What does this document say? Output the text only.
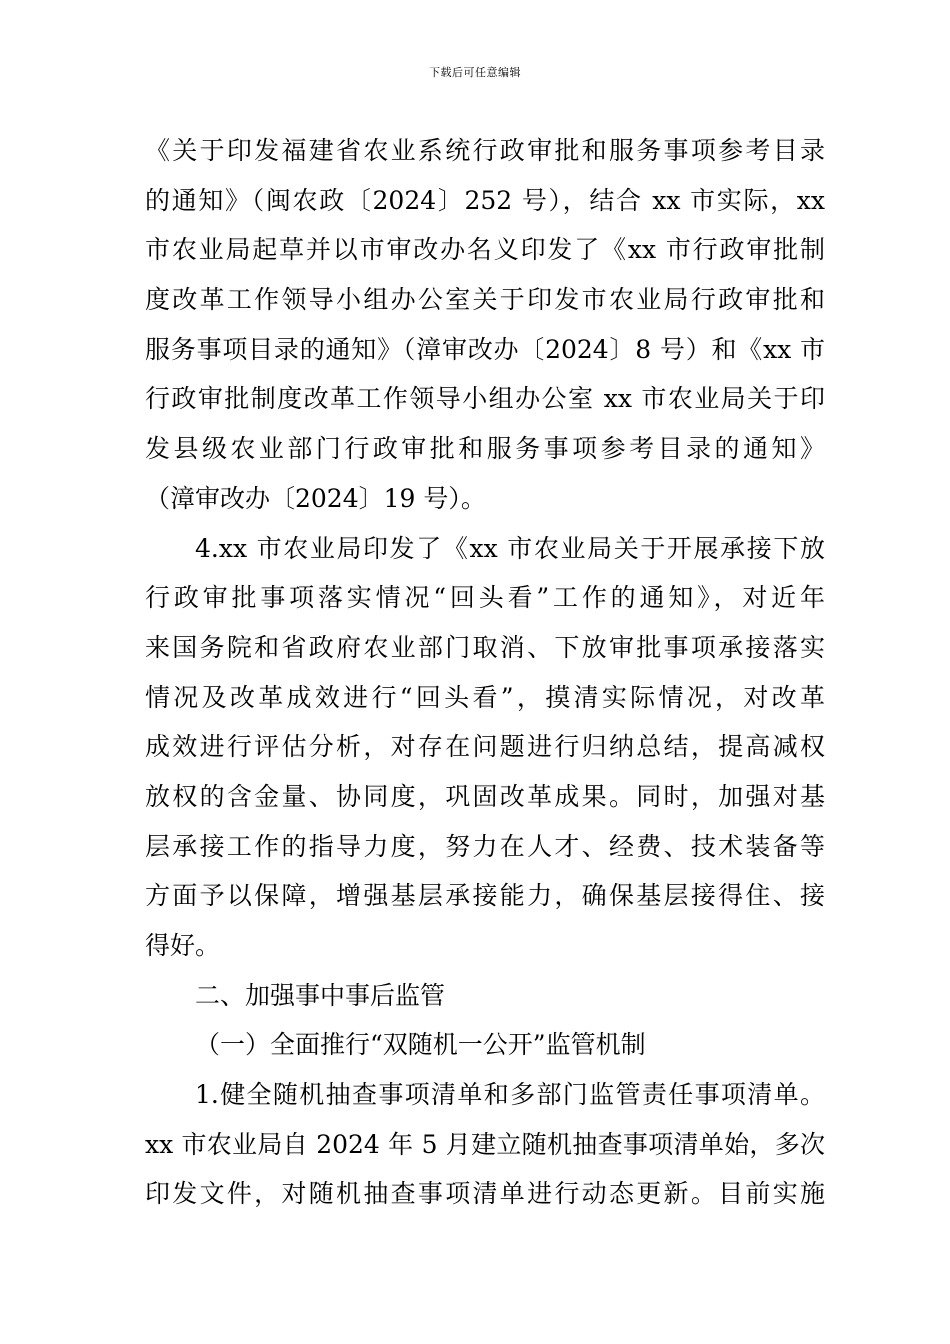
下载后可任意编辑
《关于印发福建省农业系统行政审批和服务事项参考目录
的通知》（闽农政〔2024〕252 号），结合 xx 市实际，xx
市农业局起草并以市审改办名义印发了《xx 市行政审批制
度改革工作领导小组办公室关于印发市农业局行政审批和
服务事项目录的通知》（漳审改办〔2024〕8 号）和《xx 市
行政审批制度改革工作领导小组办公室 xx 市农业局关于印
发县级农业部门行政审批和服务事项参考目录的通知》
（漳审改办〔2024〕19 号）。
4.xx 市农业局印发了《xx 市农业局关于开展承接下放
行政审批事项落实情况“回头看”工作的通知》，对近年
来国务院和省政府农业部门取消、下放审批事项承接落实
情况及改革成效进行“回头看”，摸清实际情况，对改革
成效进行评估分析，对存在问题进行归纳总结，提高减权
放权的含金量、协同度，巩固改革成果。同时，加强对基
层承接工作的指导力度，努力在人才、经费、技术装备等
方面予以保障，增强基层承接能力，确保基层接得住、接
得好。
二、加强事中事后监管
（一）全面推行“双随机一公开”监管机制
1.健全随机抽查事项清单和多部门监管责任事项清单。
xx 市农业局自 2024 年 5 月建立随机抽查事项清单始，多次
印发文件，对随机抽查事项清单进行动态更新。目前实施
